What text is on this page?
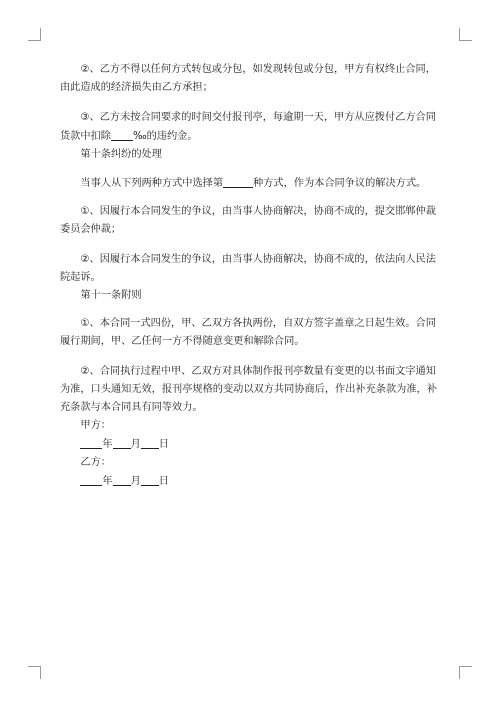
②、乙方不得以任何方式转包或分包，如发现转包或分包，甲方有权终止合同，由此造成的经济损失由乙方承担；

③、乙方未按合同要求的时间交付报刊亭，每逾期一天，甲方从应拨付乙方合同货款中扣除 ‰的违约金。

第十条纠纷的处理

当事人从下列两种方式中选择第	种方式，作为本合同争议的解决方式。

①、因履行本合同发生的争议，由当事人协商解决，协商不成的，提交邯郸仲裁委员会仲裁；

②、因履行本合同发生的争议，由当事人协商解决，协商不成的，依法向人民法院起诉。

第十一条附则

①、本合同一式四份，甲、乙双方各执两份，自双方签字盖章之日起生效。合同履行期间，甲、乙任何一方不得随意变更和解除合同。

②、合同执行过程中甲、乙双方对具体制作报刊亭数量有变更的以书面文字通知为准，口头通知无效，报刊亭规格的变动以双方共同协商后，作出补充条款为准，补充条款与本合同具有同等效力。

甲方：

年 月 日

乙方：

年 月 日
